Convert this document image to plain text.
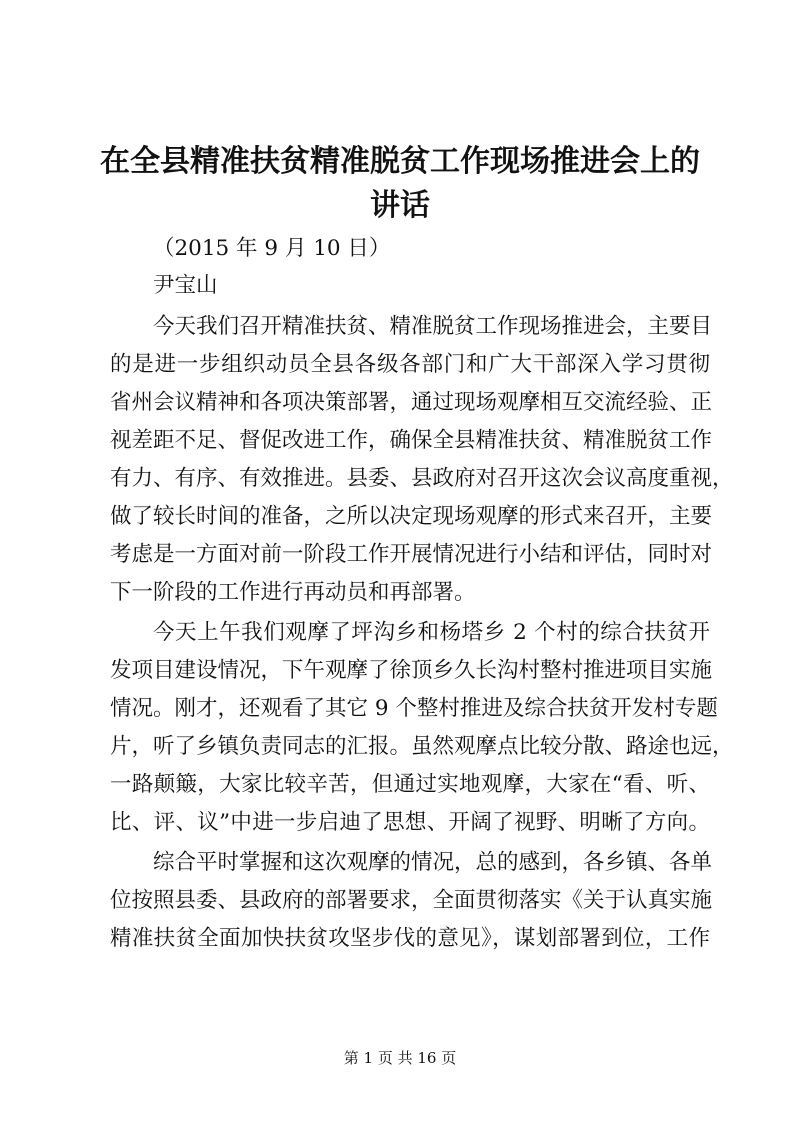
在全县精准扶贫精准脱贫工作现场推进会上的
讲话
（2015 年 9 月 10 日）
尹宝山
今天我们召开精准扶贫、精准脱贫工作现场推进会，主要目
的是进一步组织动员全县各级各部门和广大干部深入学习贯彻
省州会议精神和各项决策部署，通过现场观摩相互交流经验、正
视差距不足、督促改进工作，确保全县精准扶贫、精准脱贫工作
有力、有序、有效推进。县委、县政府对召开这次会议高度重视，
做了较长时间的准备，之所以决定现场观摩的形式来召开，主要
考虑是一方面对前一阶段工作开展情况进行小结和评估，同时对
下一阶段的工作进行再动员和再部署。
今天上午我们观摩了坪沟乡和杨塔乡 2 个村的综合扶贫开
发项目建设情况，下午观摩了徐顶乡久长沟村整村推进项目实施
情况。刚才，还观看了其它 9 个整村推进及综合扶贫开发村专题
片，听了乡镇负责同志的汇报。虽然观摩点比较分散、路途也远，
一路颠簸，大家比较辛苦，但通过实地观摩，大家在“看、听、
比、评、议”中进一步启迪了思想、开阔了视野、明晰了方向。
综合平时掌握和这次观摩的情况，总的感到，各乡镇、各单
位按照县委、县政府的部署要求，全面贯彻落实《关于认真实施
精准扶贫全面加快扶贫攻坚步伐的意见》，谋划部署到位，工作
第 1 页 共 16 页
